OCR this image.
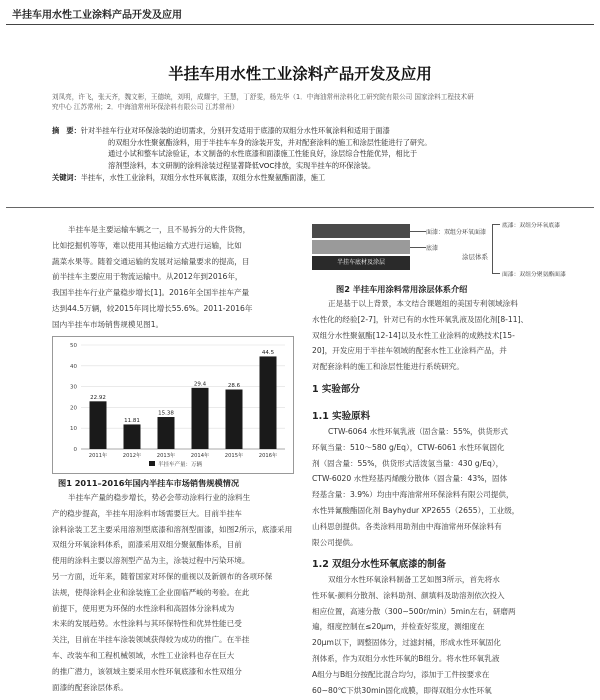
半挂车用水性工业涂料产品开发及应用
半挂车用水性工业涂料产品开发及应用
刘凤亮，许飞，张天齐，魏文彬，王德统，刘明，成耀宇，王慧，丁舒雯，杨先华（1．中海油常州涂料化工研究院有限公司 国家涂料工程技术研
究中心 江苏常州；2．中海油常州环保涂料有限公司 江苏常州）
摘　要：针对半挂车行业对环保涂装的迫切需求，分别开发适用于底漆的双组分水性环氧涂料和适用于面漆
的双组分水性聚氨酯涂料，用于半挂车车身的涂装开发，并对配套涂料的施工和涂层性能进行了研究。
通过小试和整车试涂验证，本文制备的水性底漆和面漆施工性能良好，涂层综合性能优异，相比于
溶剂型涂料，本文研制的涂料涂装过程显著降低VOC排放，实现半挂车的环保涂装。
关键词：半挂车，水性工业涂料，双组分水性环氧底漆，双组分水性聚氨酯面漆，施工
半挂车是主要运输车辆之一，且不易拆分的大件货物，
比如挖掘机等等，难以使用其他运输方式进行运输，比如
蔬菜水果等。随着交通运输的发展对运输量要求的提高，目
前半挂车主要应用于物流运输中。从2012年到2016年，
我国半挂车行业产量稳步增长[1]。2016年全国半挂车产量
达到44.5万辆，较2015年同比增长55.6%。2011-2016年
国内半挂车市场销售规模见图1。
0
10
20
30
40
50
22.92
2011年
11.81
2012年
15.38
2013年
29.4
2014年
28.6
2015年
44.5
2016年
半挂车产量：万辆
图1 2011–2016年国内半挂车市场销售规模情况
半挂车产量的稳步增长，势必会带动涂料行业的涂料生
产的稳步提高，半挂车用涂料市场需要巨大。目前半挂车
涂料涂装工艺主要采用溶剂型底漆和溶剂型面漆，如图2所示，底漆采用
双组分环氧涂料体系，面漆采用双组分聚氨酯体系，目前
使用的涂料主要以溶剂型产品为主，涂装过程中污染环境。
另一方面，近年来，随着国家对环保的重视以及新颁布的各项环保
法规，使得涂料企业和涂装施工企业面临严峻的考验。在此
前提下，使用更为环保的水性涂料和高固体分涂料成为
未来的发展趋势。水性涂料与其环保特性和优异性能已受
关注，目前在半挂车涂装领域获得较为成功的推广。在半挂
车、改装车和工程机械领域，水性工业涂料也存在巨大
的推广潜力，该领域主要采用水性环氧底漆和水性双组分
面漆的配套涂层体系。
半挂车底材及涂层
面漆：双组分环氧面漆
底漆
涂层体系
底漆：双组分环氧底漆
面漆：双组分聚氨酯面漆
图2 半挂车用涂料常用涂层体系介绍
正是基于以上背景，本文结合课题组的美国专利领域涂料
水性化的经验[2-7]，针对已有的水性环氧乳液及固化剂[8-11]、
双组分水性聚氨酯[12-14]以及水性工业涂料的成熟技术[15-
20]，开发应用于半挂车领域的配套水性工业涂料产品，并
对配套涂料的施工和涂层性能进行系统研究。
1 实验部分
1.1 实验原料
CTW-6064 水性环氧乳液（固含量：55%，供货形式
环氧当量：510～580 g/Eq），CTW-6061 水性环氧固化
剂（固含量：55%，供货形式活泼氢当量：430 g/Eq），
CTW-6020 水性羟基丙烯酸分散体（固含量：43%，固体
羟基含量：3.9%）均由中海油常州环保涂料有限公司提供，
水性异氰酸酯固化剂 Bayhydur XP2655（2655），工业级，
山科思创提供。各类涂料用助剂由中海油常州环保涂料有
限公司提供。
1.2 双组分水性环氧底漆的制备
双组分水性环氧涂料制备工艺如图3所示，首先将水
性环氧-颜料分散剂、涂料助剂、颜填料及助溶剂依次投入
相应位置，高速分散（300~500r/min）5min左右，研磨两
遍，细度控制在≤20μm，并检查好浆度，测细度在
20μm以下，调整固体分，过滤封桶，形成水性环氧固化
剂体系，作为双组分水性环氧的B组分。将水性环氧乳液
A组分与B组分按配比混合均匀，添加于工件按要求在
60~80℃下烘30min固化成膜，即得双组分水性环氧
